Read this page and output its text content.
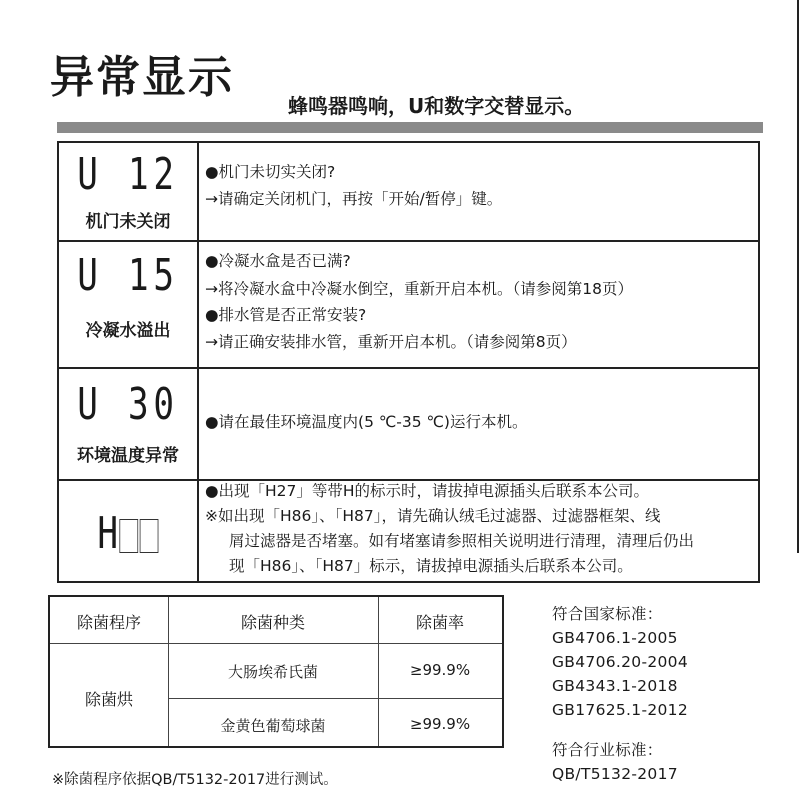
异常显示
蜂鸣器鸣响，U和数字交替显示。
U 12
机门未关闭
●机门未切实关闭?
→请确定关闭机门，再按「开始/暂停」键。
U 15
冷凝水溢出
●冷凝水盒是否已满?
→将冷凝水盒中冷凝水倒空，重新开启本机。（请参阅第18页）
●排水管是否正常安装?
→请正确安装排水管，重新开启本机。（请参阅第8页）
U 30
环境温度异常
●请在最佳环境温度内(5 ℃-35 ℃)运行本机。
H
●出现「H27」等带H的标示时，请拔掉电源插头后联系本公司。
※如出现「H86」、「H87」，请先确认绒毛过滤器、过滤器框架、线
屑过滤器是否堵塞。如有堵塞请参照相关说明进行清理，清理后仍出
现「H86」、「H87」标示，请拔掉电源插头后联系本公司。
除菌程序	除菌种类	除菌率
除菌烘
大肠埃希氏菌	≥99.9%
金黄色葡萄球菌	≥99.9%
※除菌程序依据QB/T5132-2017进行测试。
符合国家标准：
GB4706.1-2005
GB4706.20-2004
GB4343.1-2018
GB17625.1-2012
符合行业标准：
QB/T5132-2017
